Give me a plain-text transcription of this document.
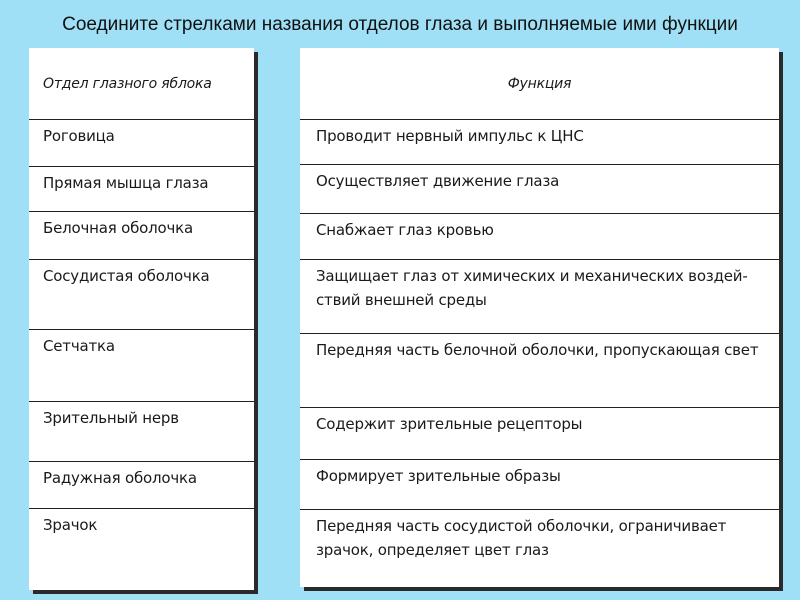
Соедините стрелками названия отделов глаза и выполняемые ими функции
Отдел глазного яблока
Роговица
Прямая мышца глаза
Белочная оболочка
Сосудистая оболочка
Сетчатка
Зрительный нерв
Радужная оболочка
Зрачок
Функция
Проводит нервный импульс к ЦНС
Осуществляет движение глаза
Снабжает глаз кровью
Защищает глаз от химических и механических воздей-ствий внешней среды
Передняя часть белочной оболочки, пропускающая свет
Содержит зрительные рецепторы
Формирует зрительные образы
Передняя часть сосудистой оболочки, ограничивает зрачок, определяет цвет глаз
